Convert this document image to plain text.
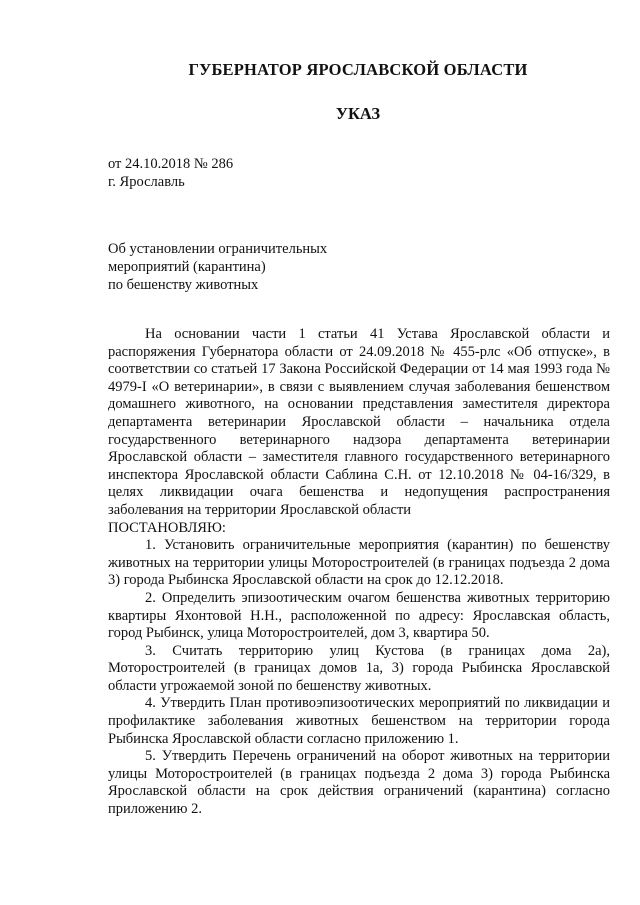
ГУБЕРНАТОР ЯРОСЛАВСКОЙ ОБЛАСТИ
УКАЗ
от 24.10.2018 № 286
г. Ярославль
Об установлении ограничительных
мероприятий (карантина)
по бешенству животных

На основании части 1 статьи 41 Устава Ярославской области и распоряжения Губернатора области от 24.09.2018 № 455-рлс «Об отпуске», в соответствии со статьей 17 Закона Российской Федерации от 14 мая 1993 года № 4979-I «О ветеринарии», в связи с выявлением случая заболевания бешенством домашнего животного, на основании представления заместителя директора департамента ветеринарии Ярославской области – начальника отдела государственного ветеринарного надзора департамента ветеринарии Ярославской области – заместителя главного государственного ветеринарного инспектора Ярославской области Саблина С.Н. от 12.10.2018 № 04-16/329, в целях ликвидации очага бешенства и недопущения распространения заболевания на территории Ярославской области

ПОСТАНОВЛЯЮ:

1. Установить ограничительные мероприятия (карантин) по бешенству животных на территории улицы Моторостроителей (в границах подъезда 2 дома 3) города Рыбинска Ярославской области на срок до 12.12.2018.

2. Определить эпизоотическим очагом бешенства животных территорию квартиры Яхонтовой Н.Н., расположенной по адресу: Ярославская область, город Рыбинск, улица Моторостроителей, дом 3, квартира 50.

3. Считать территорию улиц Кустова (в границах дома 2а), Моторостроителей (в границах домов 1а, 3) города Рыбинска Ярославской области угрожаемой зоной по бешенству животных.

4. Утвердить План противоэпизоотических мероприятий по ликвидации и профилактике заболевания животных бешенством на территории города Рыбинска Ярославской области согласно приложению 1.

5. Утвердить Перечень ограничений на оборот животных на территории улицы Моторостроителей (в границах подъезда 2 дома 3) города Рыбинска Ярославской области на срок действия ограничений (карантина) согласно приложению 2.
